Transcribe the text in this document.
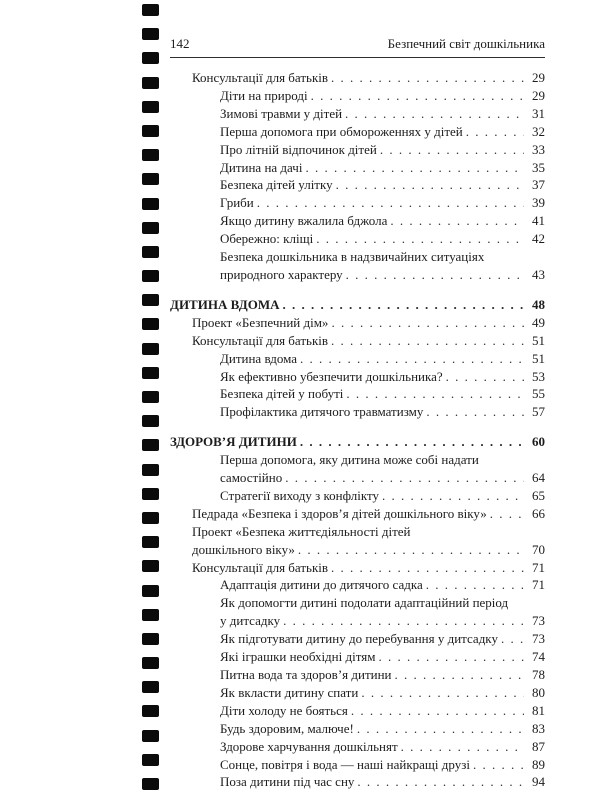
142	Безпечний світ дошкільника
Консультації для батьків . . .	29
Діти на природі . . .	29
Зимові травми у дітей . . .	31
Перша допомога при обмороженнях у дітей . . .	32
Про літній відпочинок дітей . . .	33
Дитина на дачі . . .	35
Безпека дітей улітку . . .	37
Гриби . . .	39
Якщо дитину вжалила бджола . . .	41
Обережно: кліщі . . .	42
Безпека дошкільника в надзвичайних ситуаціях
природного характеру . . .	43
ДИТИНА ВДОМА . . .	48
Проект «Безпечний дім» . . .	49
Консультації для батьків . . .	51
Дитина вдома . . .	51
Як ефективно убезпечити дошкільника? . . .	53
Безпека дітей у побуті . . .	55
Профілактика дитячого травматизму . . .	57
ЗДОРОВ’Я ДИТИНИ . . .	60
Перша допомога, яку дитина може собі надати
самостійно . . .	64
Стратегії виходу з конфлікту . . .	65
Педрада «Безпека і здоров’я дітей дошкільного віку» . . .	66
Проект «Безпека життєдіяльності дітей
дошкільного віку» . . .	70
Консультації для батьків . . .	71
Адаптація дитини до дитячого садка . . .	71
Як допомогти дитині подолати адаптаційний період
у дитсадку . . .	73
Як підготувати дитину до перебування у дитсадку . . .	73
Які іграшки необхідні дітям . . .	74
Питна вода та здоров’я дитини . . .	78
Як вкласти дитину спати . . .	80
Діти холоду не бояться . . .	81
Будь здоровим, малюче! . . .	83
Здорове харчування дошкільнят . . .	87
Сонце, повітря і вода — наші найкращі друзі . . .	89
Поза дитини під час сну . . .	94
